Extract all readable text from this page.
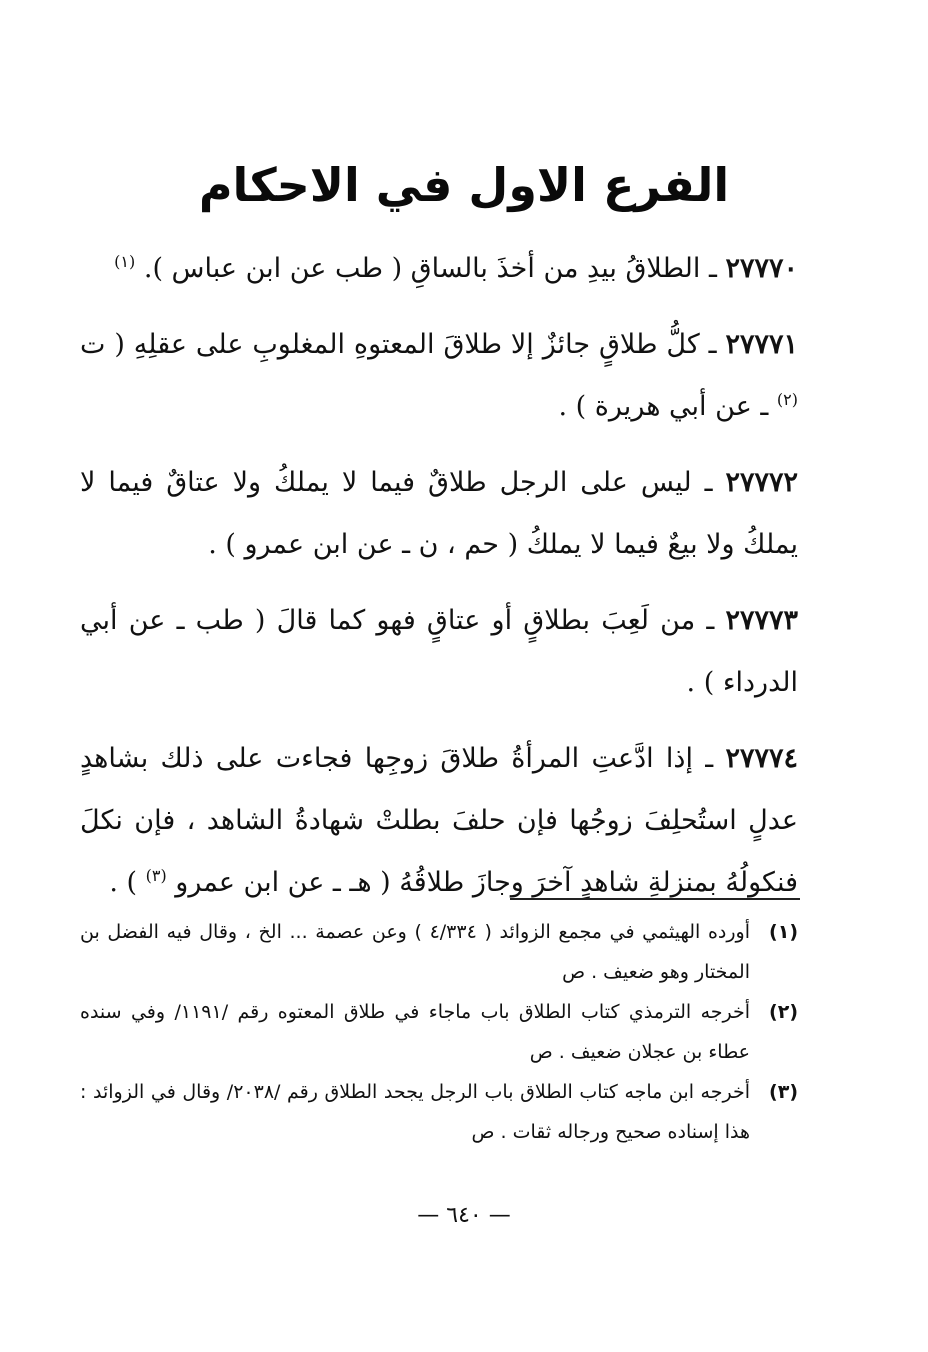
الفرع الاول في الاحكام

٢٧٧٧٠ ـ الطلاقُ بيدِ من أخذَ بالساقِ ( طب عن ابن عباس ). $^{(١)}$

٢٧٧٧١ ـ كلُّ طلاقٍ جائزٌ إلا طلاقَ المعتوهِ المغلوبِ على عقلِهِ ( ت $^{(٢)}$ ـ عن أبي هريرة ) .

٢٧٧٧٢ ـ ليس على الرجل طلاقٌ فيما لا يملكُ ولا عتاقٌ فيما لا يملكُ ولا بيعٌ فيما لا يملكُ ( حم ، ن ـ عن ابن عمرو ) .

٢٧٧٧٣ ـ من لَعِبَ بطلاقٍ أو عتاقٍ فهو كما قالَ ( طب ـ عن أبي الدرداء ) .

٢٧٧٧٤ ـ إذا ادَّعتِ المرأةُ طلاقَ زوجِها فجاءت على ذلك بشاهدٍ عدلٍ استُحلِفَ زوجُها فإن حلفَ بطلتْ شهادةُ الشاهد ، فإن نكلَ فنكولُهُ بمنزلةِ شاهدٍ آخرَ وجازَ طلاقُهُ ( هـ ـ عن ابن عمرو $^{(٣)}$ ) .

(١)
أورده الهيثمي في مجمع الزوائد ( ٤/٣٣٤ ) وعن عصمة ... الخ ، وقال فيه الفضل بن المختار وهو ضعيف . ص
(٢)
أخرجه الترمذي كتاب الطلاق باب ماجاء في طلاق المعتوه رقم /١١٩١/ وفي سنده عطاء بن عجلان ضعيف . ص
(٣)
أخرجه ابن ماجه كتاب الطلاق باب الرجل يجحد الطلاق رقم /٢٠٣٨/ وقال في الزوائد : هذا إسناده صحيح ورجاله ثقات . ص
— ٦٤٠ —
